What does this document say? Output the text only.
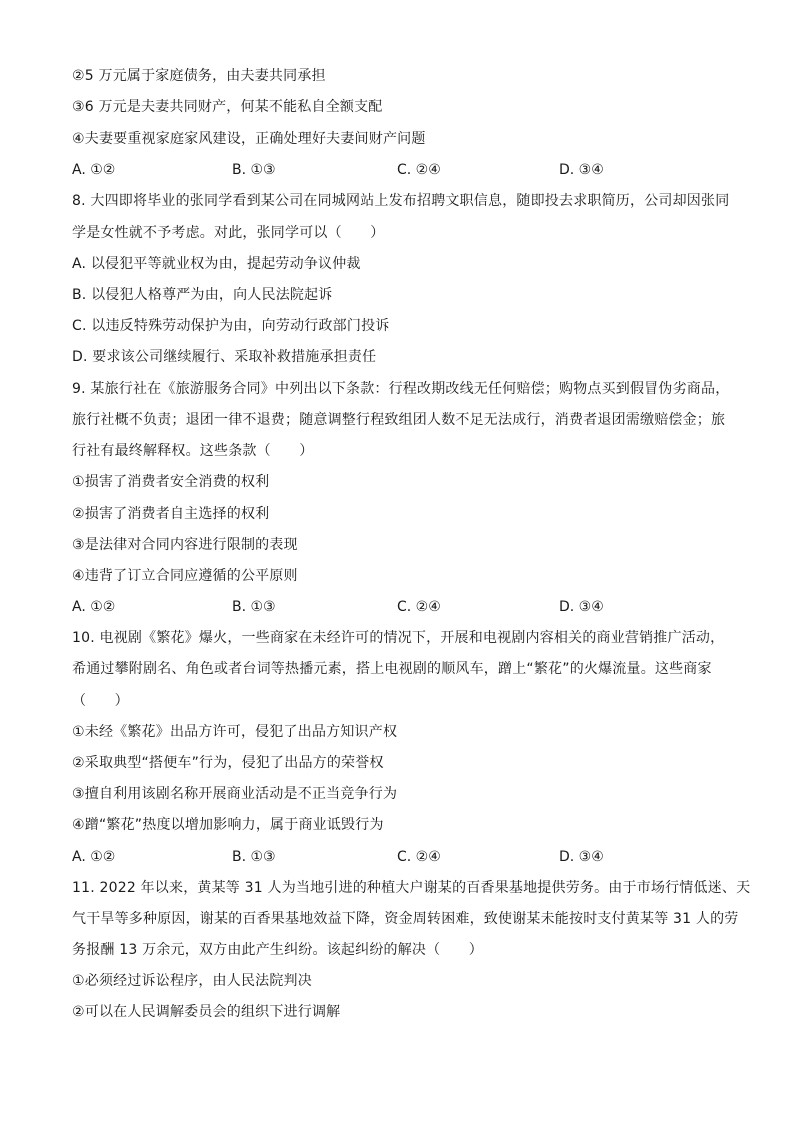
②5 万元属于家庭债务，由夫妻共同承担
③6 万元是夫妻共同财产，何某不能私自全额支配
④夫妻要重视家庭家风建设，正确处理好夫妻间财产问题
A. ①②	B. ①③	C. ②④	D. ③④
8. 大四即将毕业的张同学看到某公司在同城网站上发布招聘文职信息，随即投去求职简历，公司却因张同
学是女性就不予考虑。对此，张同学可以（　　）
A. 以侵犯平等就业权为由，提起劳动争议仲裁
B. 以侵犯人格尊严为由，向人民法院起诉
C. 以违反特殊劳动保护为由，向劳动行政部门投诉
D. 要求该公司继续履行、采取补救措施承担责任
9. 某旅行社在《旅游服务合同》中列出以下条款：行程改期改线无任何赔偿；购物点买到假冒伪劣商品，
旅行社概不负责；退团一律不退费；随意调整行程致组团人数不足无法成行，消费者退团需缴赔偿金；旅
行社有最终解释权。这些条款（　　）
①损害了消费者安全消费的权利
②损害了消费者自主选择的权利
③是法律对合同内容进行限制的表现
④违背了订立合同应遵循的公平原则
A. ①②	B. ①③	C. ②④	D. ③④
10. 电视剧《繁花》爆火，一些商家在未经许可的情况下，开展和电视剧内容相关的商业营销推广活动，
希通过攀附剧名、角色或者台词等热播元素，搭上电视剧的顺风车，蹭上“繁花”的火爆流量。这些商家
（　　）
①未经《繁花》出品方许可，侵犯了出品方知识产权
②采取典型“搭便车”行为，侵犯了出品方的荣誉权
③擅自利用该剧名称开展商业活动是不正当竞争行为
④蹭“繁花”热度以增加影响力，属于商业诋毁行为
A. ①②	B. ①③	C. ②④	D. ③④
11. 2022 年以来，黄某等 31 人为当地引进的种植大户谢某的百香果基地提供劳务。由于市场行情低迷、天
气干旱等多种原因，谢某的百香果基地效益下降，资金周转困难，致使谢某未能按时支付黄某等 31 人的劳
务报酬 13 万余元，双方由此产生纠纷。该起纠纷的解决（　　）
①必须经过诉讼程序，由人民法院判决
②可以在人民调解委员会的组织下进行调解
